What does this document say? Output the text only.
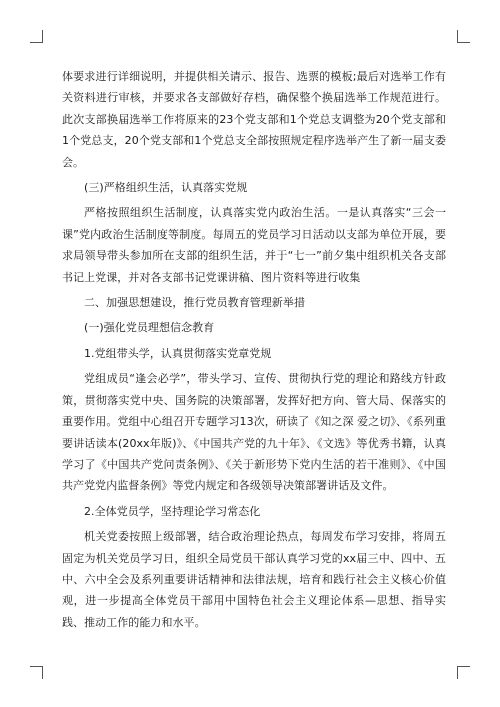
体要求进行详细说明，并提供相关请示、报告、选票的模板;最后对选举工作有关资料进行审核，并要求各支部做好存档，确保整个换届选举工作规范进行。此次支部换届选举工作将原来的23个党支部和1个党总支调整为20个党支部和1个党总支，20个党支部和1个党总支全部按照规定程序选举产生了新一届支委会。

(三)严格组织生活，认真落实党规

严格按照组织生活制度，认真落实党内政治生活。一是认真落实“三会一课”党内政治生活制度等制度。每周五的党员学习日活动以支部为单位开展，要求局领导带头参加所在支部的组织生活，并于“七一”前夕集中组织机关各支部书记上党课，并对各支部书记党课讲稿、图片资料等进行收集

二、加强思想建设，推行党员教育管理新举措

(一)强化党员理想信念教育

1.党组带头学，认真贯彻落实党章党规

党组成员“逢会必学”，带头学习、宣传、贯彻执行党的理论和路线方针政策，贯彻落实党中央、国务院的决策部署，发挥好把方向、管大局、保落实的重要作用。党组中心组召开专题学习13次，研读了《知之深 爱之切》、《系列重要讲话读本(20xx年版)》、《中国共产党的九十年》、《文选》等优秀书籍，认真学习了《中国共产党问责条例》、《关于新形势下党内生活的若干准则》、《中国共产党党内监督条例》等党内规定和各级领导决策部署讲话及文件。

2.全体党员学，坚持理论学习常态化

机关党委按照上级部署，结合政治理论热点，每周发布学习安排，将周五固定为机关党员学习日，组织全局党员干部认真学习党的xx届三中、四中、五中、六中全会及系列重要讲话精神和法律法规，培育和践行社会主义核心价值观，进一步提高全体党员干部用中国特色社会主义理论体系—思想、指导实践、推动工作的能力和水平。
